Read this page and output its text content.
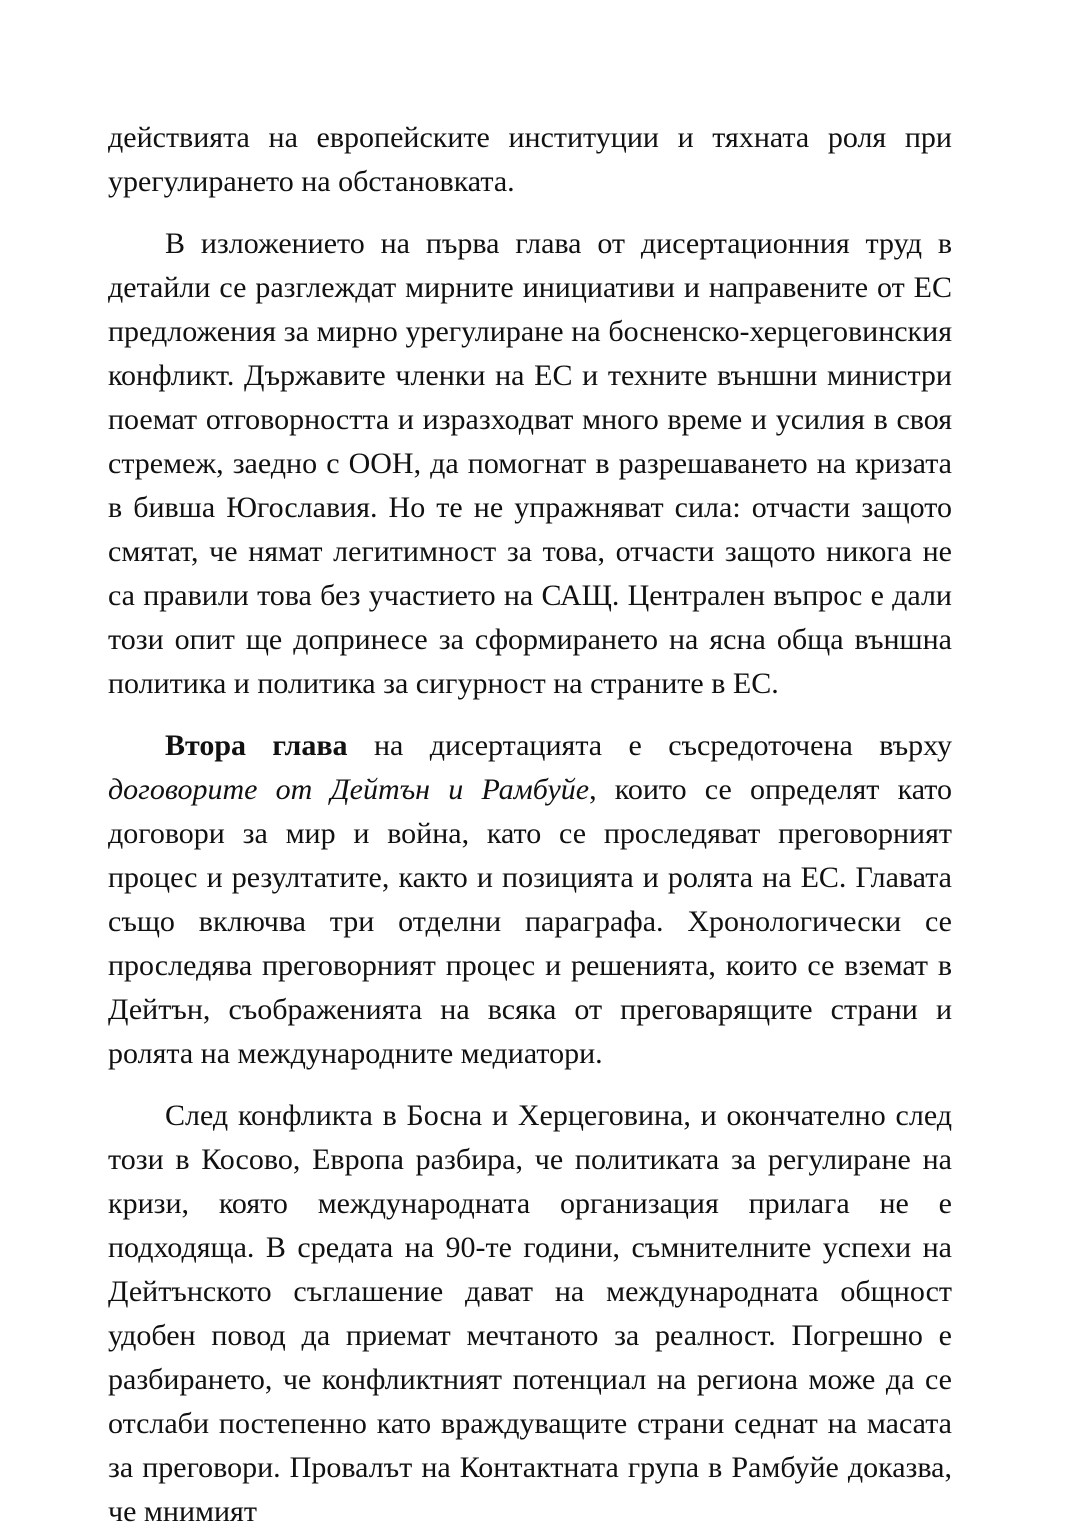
действията на европейските институции и тяхната роля при урегулирането на обстановката.

В изложението на първа глава от дисертационния труд в детайли се разглеждат мирните инициативи и направените от ЕС предложения за мирно урегулиране на босненско-херцеговинския конфликт. Държавите членки на ЕС и техните външни министри поемат отговорността и изразходват много време и усилия в своя стремеж, заедно с ООН, да помогнат в разрешаването на кризата в бивша Югославия. Но те не упражняват сила: отчасти защото смятат, че нямат легитимност за това, отчасти защото никога не са правили това без участието на САЩ. Централен въпрос е дали този опит ще допринесе за сформирането на ясна обща външна политика и политика за сигурност на страните в ЕС.

Втора глава на дисертацията е съсредоточена върху договорите от Дейтън и Рамбуйе, които се определят като договори за мир и война, като се проследяват преговорният процес и резултатите, както и позицията и ролята на ЕС. Главата също включва три отделни параграфа. Хронологически се проследява преговорният процес и решенията, които се вземат в Дейтън, съображенията на всяка от преговарящите страни и ролята на международните медиатори.

След конфликта в Босна и Херцеговина, и окончателно след този в Косово, Европа разбира, че политиката за регулиране на кризи, която международната организация прилага не е подходяща. В средата на 90-те години, съмнителните успехи на Дейтънското съглашение дават на международната общност удобен повод да приемат мечтаното за реалност. Погрешно е разбирането, че конфликтният потенциал на региона може да се отслаби постепенно като враждуващите страни седнат на масата за преговори. Провалът на Контактната група в Рамбуйе доказва, че мнимият
